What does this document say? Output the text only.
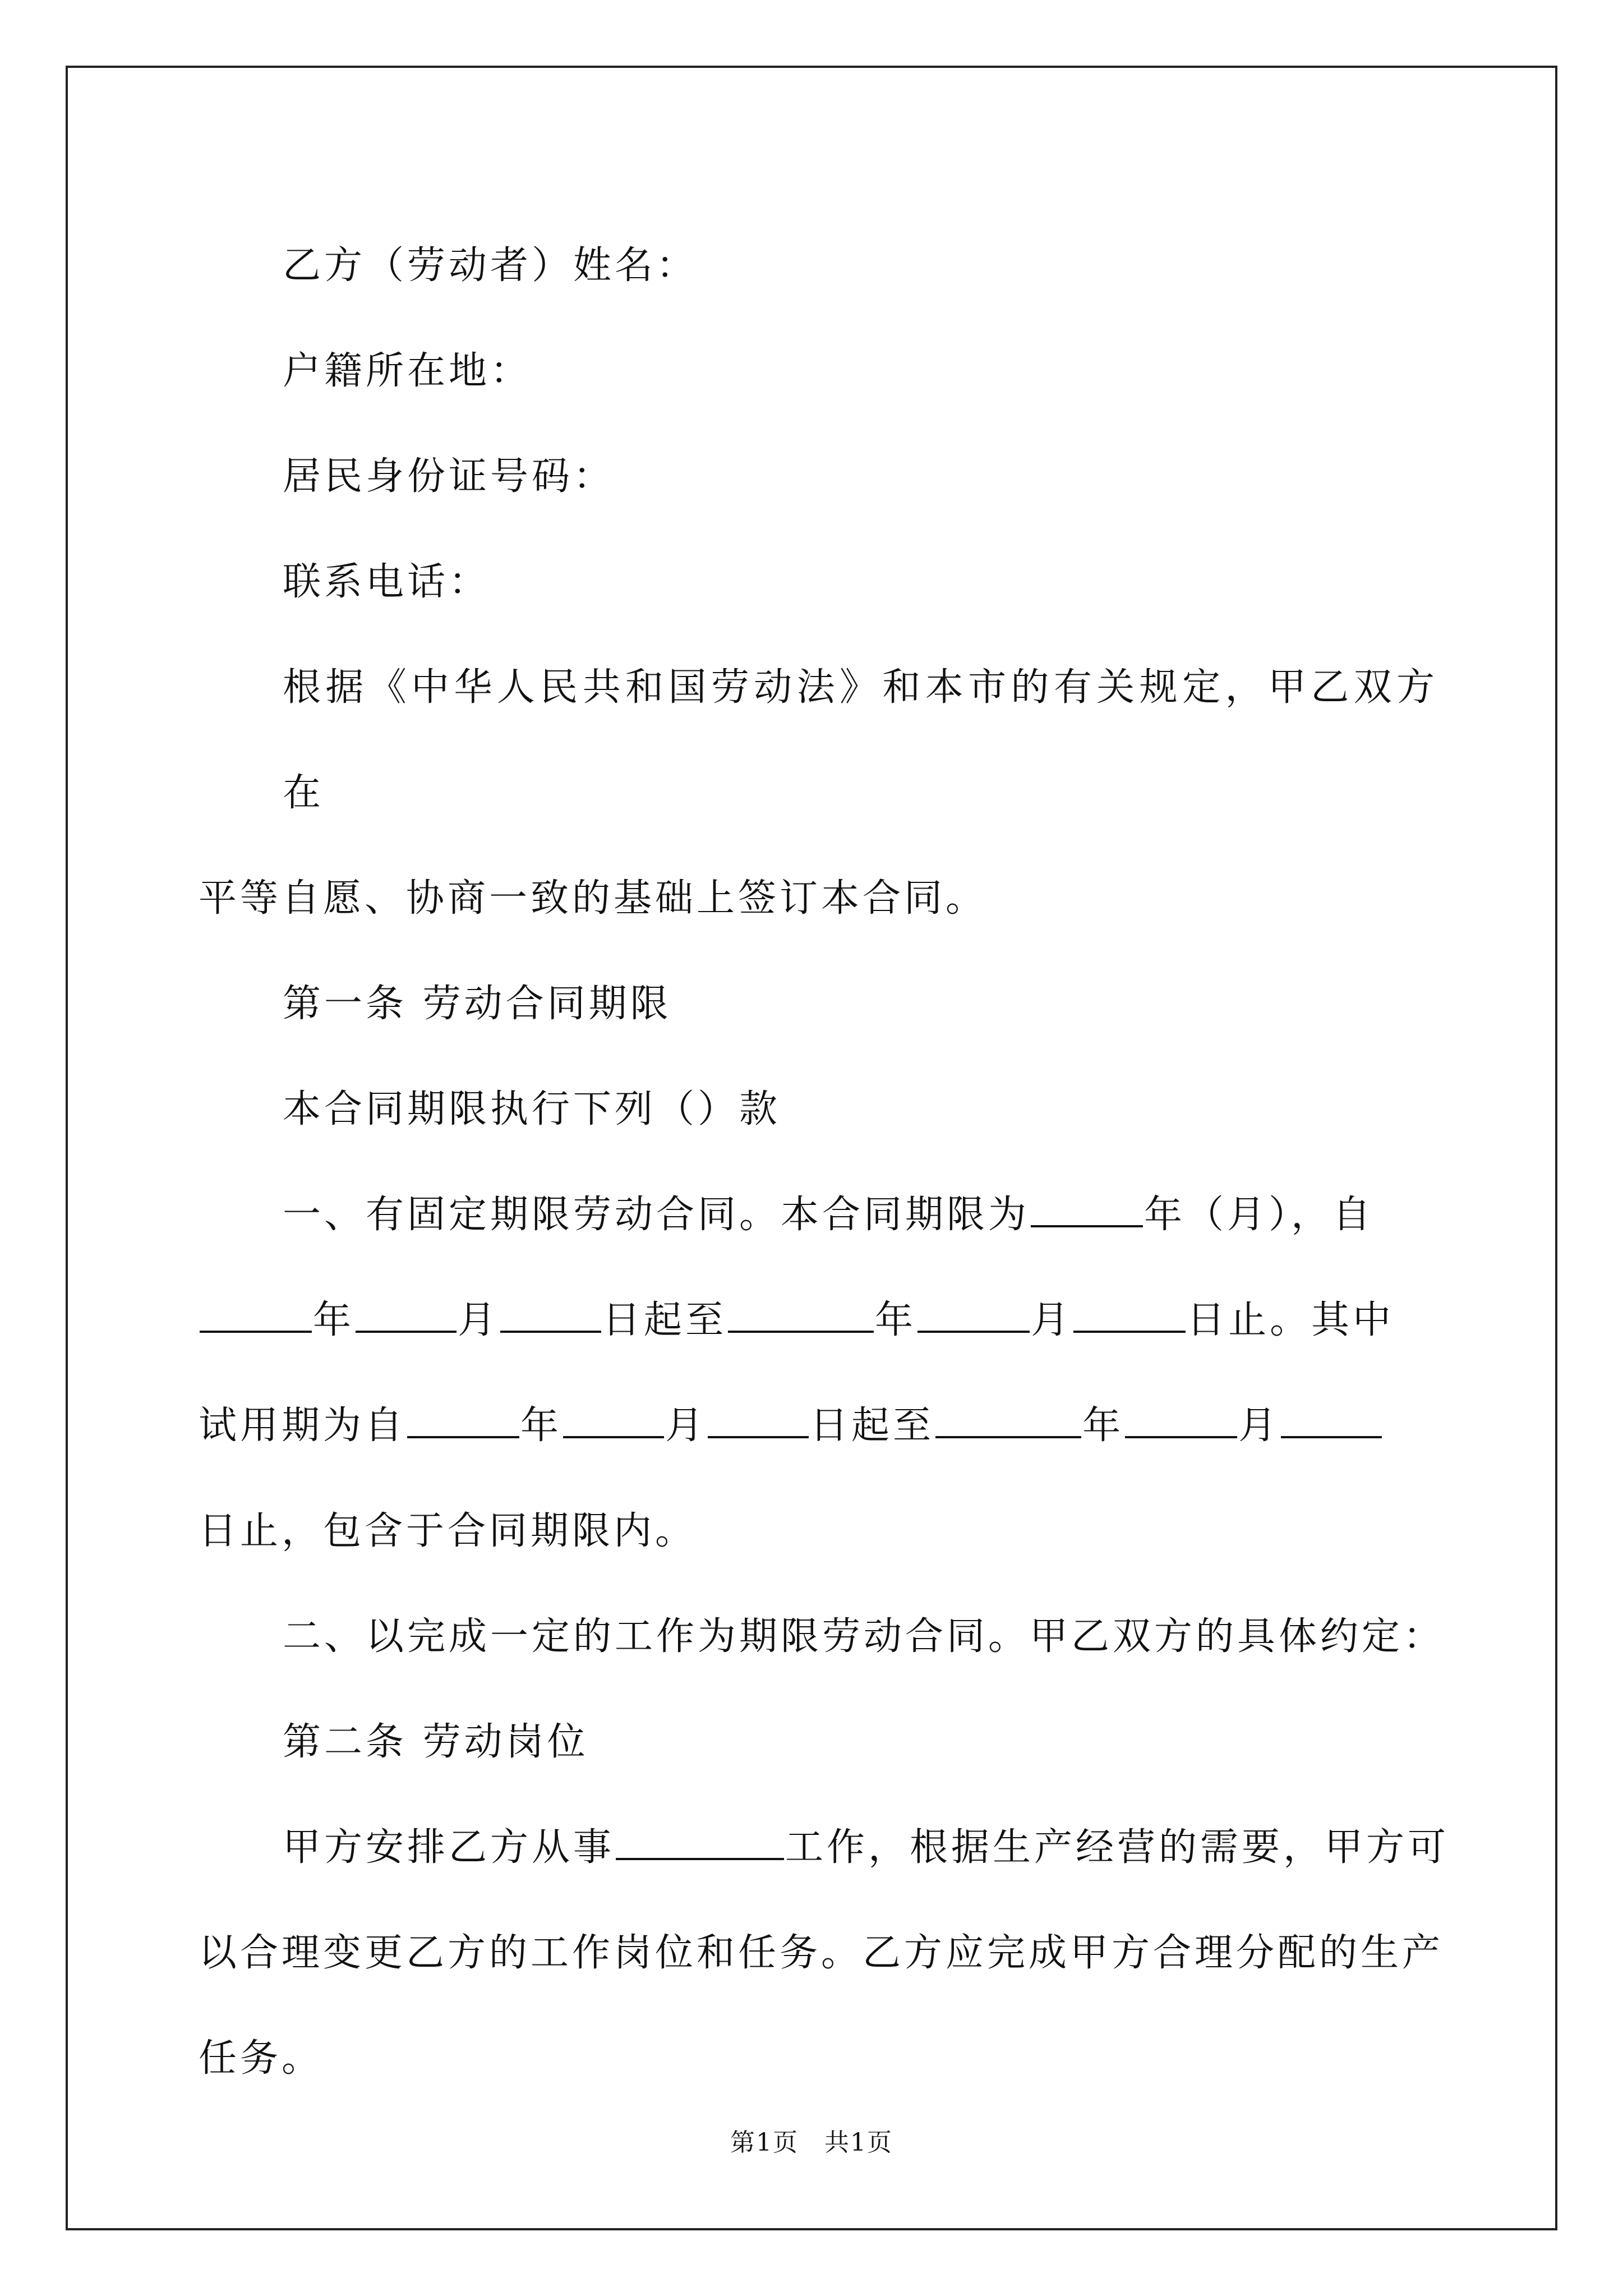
乙方（劳动者）姓名：

户籍所在地：

居民身份证号码：

联系电话：

根据《中华人民共和国劳动法》和本市的有关规定，甲乙双方在

平等自愿、协商一致的基础上签订本合同。

第一条 劳动合同期限

本合同期限执行下列（）款

一、有固定期限劳动合同。本合同期限为	年（月），自

年	月	日起至	年	月	日止。其中

试用期为自	年	月	日起至	年	月

日止，包含于合同期限内。

二、以完成一定的工作为期限劳动合同。甲乙双方的具体约定：

第二条 劳动岗位

甲方安排乙方从事	工作，根据生产经营的需要，甲方可

以合理变更乙方的工作岗位和任务。乙方应完成甲方合理分配的生产

任务。

第1页　共1页
